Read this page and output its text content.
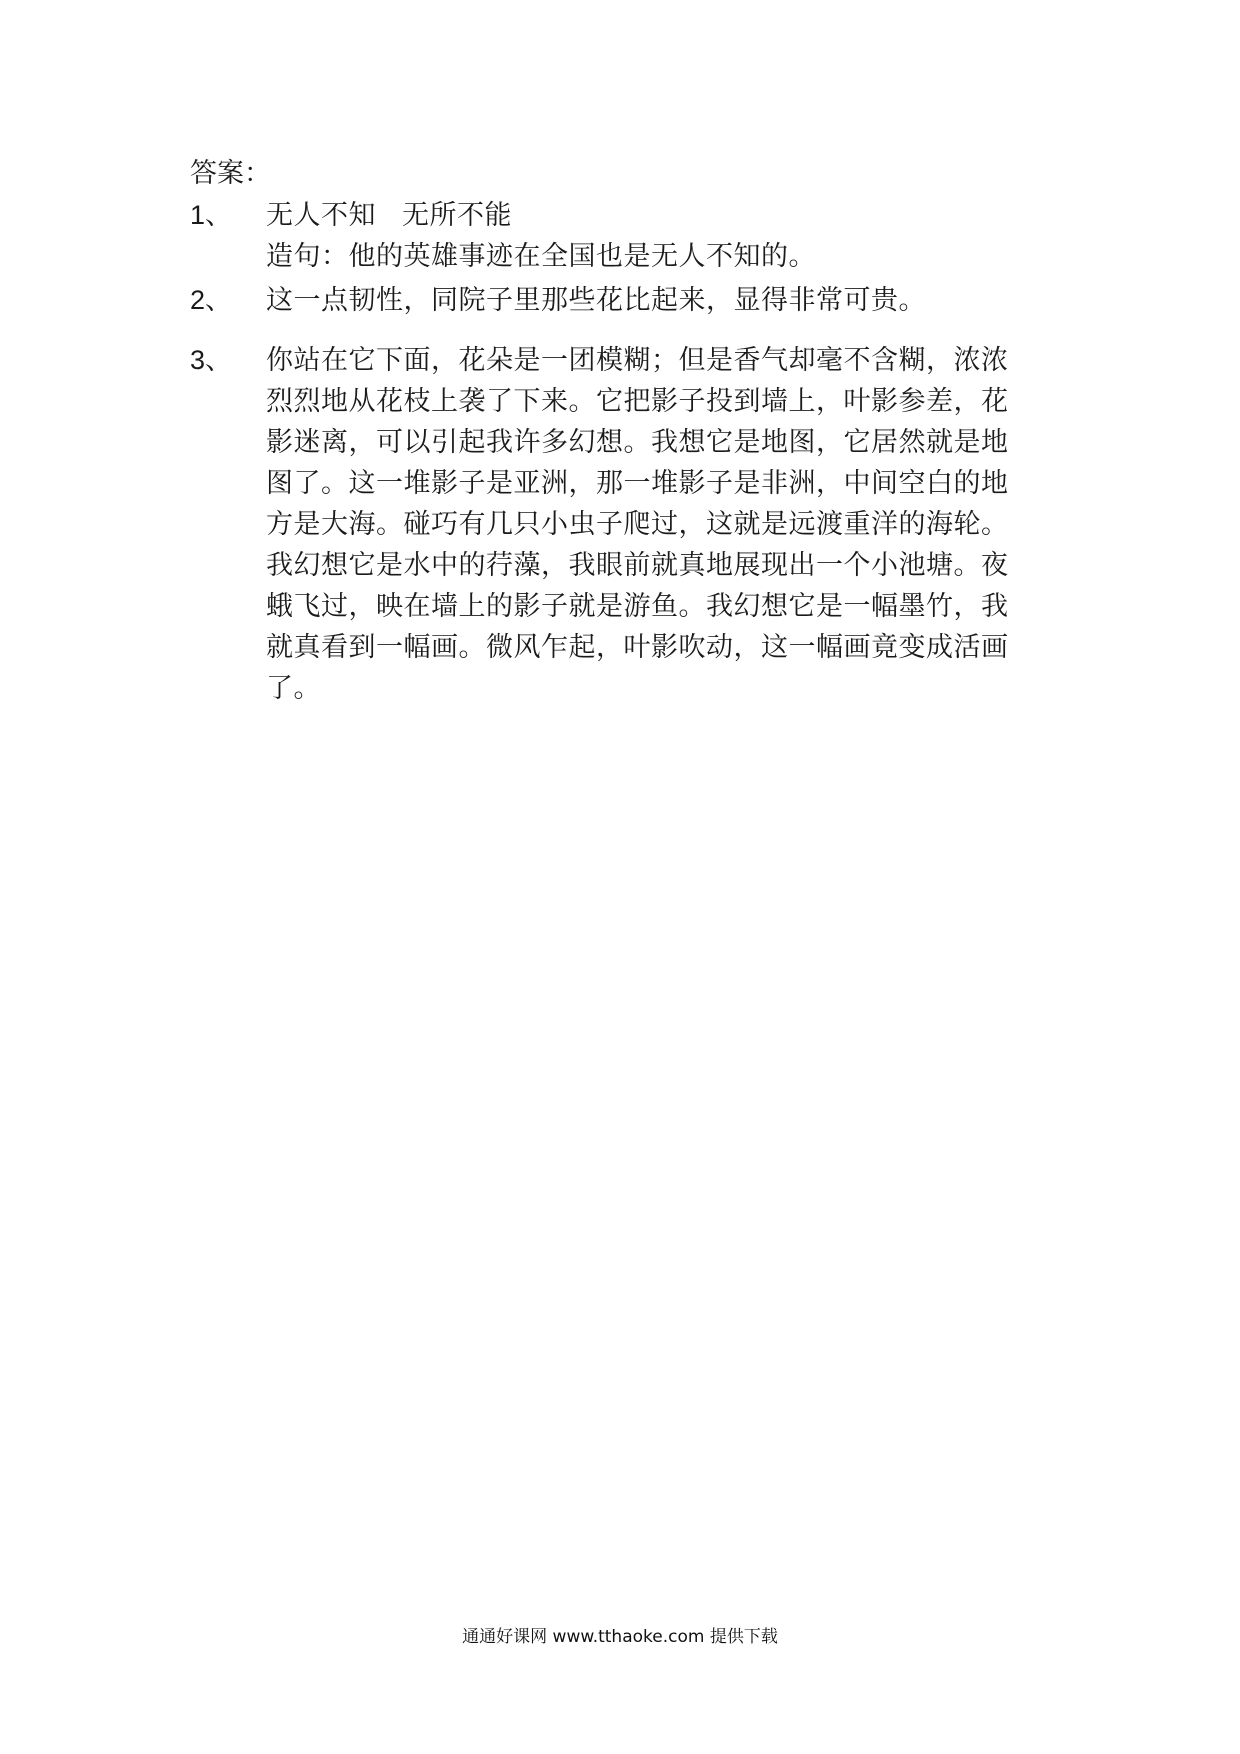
答案：
1、	无人不知 无所不能
造句：他的英雄事迹在全国也是无人不知的。
2、	这一点韧性，同院子里那些花比起来，显得非常可贵。
3、	你站在它下面，花朵是一团模糊；但是香气却毫不含糊，浓浓
烈烈地从花枝上袭了下来。它把影子投到墙上，叶影参差，花
影迷离，可以引起我许多幻想。我想它是地图，它居然就是地
图了。这一堆影子是亚洲，那一堆影子是非洲，中间空白的地
方是大海。碰巧有几只小虫子爬过，这就是远渡重洋的海轮。
我幻想它是水中的荇藻，我眼前就真地展现出一个小池塘。夜
蛾飞过，映在墙上的影子就是游鱼。我幻想它是一幅墨竹，我
就真看到一幅画。微风乍起，叶影吹动，这一幅画竟变成活画
了。
通通好课网 www.tthaoke.com 提供下载
